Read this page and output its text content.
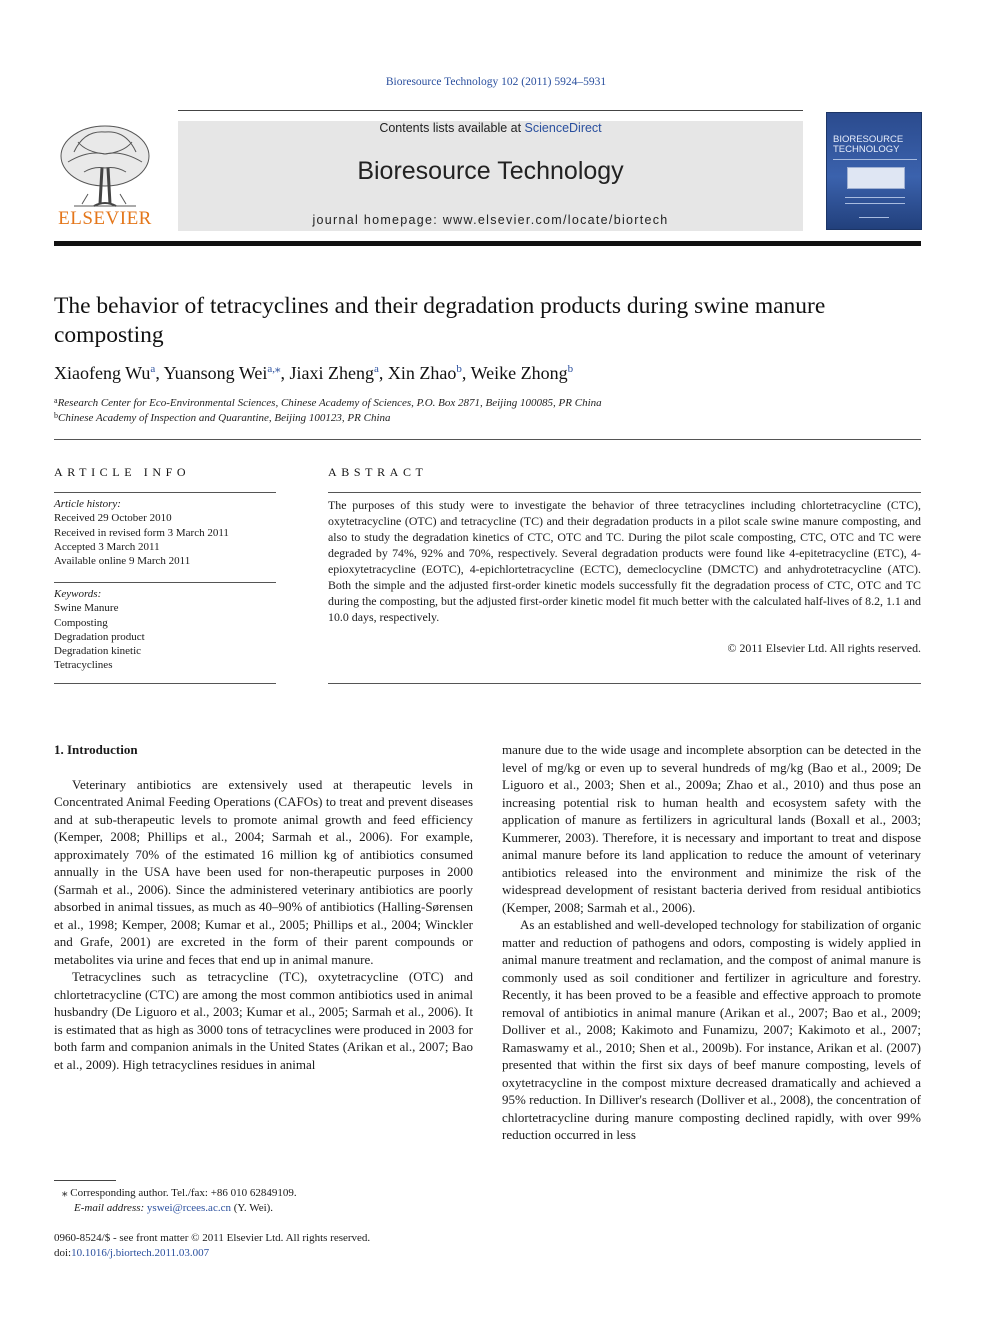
Bioresource Technology 102 (2011) 5924–5931
ELSEVIER
Contents lists available at ScienceDirect
Bioresource Technology
journal homepage: www.elsevier.com/locate/biortech
BIORESOURCE TECHNOLOGY
The behavior of tetracyclines and their degradation products during swine manure composting
Xiaofeng Wu$^a$, Yuansong Wei$^{a,⁎}$, Jiaxi Zheng$^a$, Xin Zhao$^b$, Weike Zhong$^b$
$^a$Research Center for Eco-Environmental Sciences, Chinese Academy of Sciences, P.O. Box 2871, Beijing 100085, PR China
$^b$Chinese Academy of Inspection and Quarantine, Beijing 100123, PR China
ARTICLE INFO	ABSTRACT
Article history:
Received 29 October 2010
Received in revised form 3 March 2011
Accepted 3 March 2011
Available online 9 March 2011
Keywords:
Swine Manure
Composting
Degradation product
Degradation kinetic
Tetracyclines
The purposes of this study were to investigate the behavior of three tetracyclines including chlortetracycline (CTC), oxytetracycline (OTC) and tetracycline (TC) and their degradation products in a pilot scale swine manure composting, and also to study the degradation kinetics of CTC, OTC and TC. During the pilot scale composting, CTC, OTC and TC were degraded by 74%, 92% and 70%, respectively. Several degradation products were found like 4-epitetracycline (ETC), 4-epioxytetracycline (EOTC), 4-epichlortetracycline (ECTC), demeclocycline (DMCTC) and anhydrotetracycline (ATC). Both the simple and the adjusted first-order kinetic models successfully fit the degradation process of CTC, OTC and TC during the composting, but the adjusted first-order kinetic model fit much better with the calculated half-lives of 8.2, 1.1 and 10.0 days, respectively.
© 2011 Elsevier Ltd. All rights reserved.
1. Introduction

Veterinary antibiotics are extensively used at therapeutic levels in Concentrated Animal Feeding Operations (CAFOs) to treat and prevent diseases and at sub-therapeutic levels to promote animal growth and feed efficiency (Kemper, 2008; Phillips et al., 2004; Sarmah et al., 2006). For example, approximately 70% of the estimated 16 million kg of antibiotics consumed annually in the USA have been used for non-therapeutic purposes in 2000 (Sarmah et al., 2006). Since the administered veterinary antibiotics are poorly absorbed in animal tissues, as much as 40–90% of antibiotics (Halling-Sørensen et al., 1998; Kemper, 2008; Kumar et al., 2005; Phillips et al., 2004; Winckler and Grafe, 2001) are excreted in the form of their parent compounds or metabolites via urine and feces that end up in animal manure.

Tetracyclines such as tetracycline (TC), oxytetracycline (OTC) and chlortetracycline (CTC) are among the most common antibiotics used in animal husbandry (De Liguoro et al., 2003; Kumar et al., 2005; Sarmah et al., 2006). It is estimated that as high as 3000 tons of tetracyclines were produced in 2003 for both farm and companion animals in the United States (Arikan et al., 2007; Bao et al., 2009). High tetracyclines residues in animal

manure due to the wide usage and incomplete absorption can be detected in the level of mg/kg or even up to several hundreds of mg/kg (Bao et al., 2009; De Liguoro et al., 2003; Shen et al., 2009a; Zhao et al., 2010) and thus pose an increasing potential risk to human health and ecosystem safety with the application of manure as fertilizers in agricultural lands (Boxall et al., 2003; Kummerer, 2003). Therefore, it is necessary and important to treat and dispose animal manure before its land application to reduce the amount of veterinary antibiotics released into the environment and minimize the risk of the widespread development of resistant bacteria derived from residual antibiotics (Kemper, 2008; Sarmah et al., 2006).

As an established and well-developed technology for stabilization of organic matter and reduction of pathogens and odors, composting is widely applied in animal manure treatment and reclamation, and the compost of animal manure is commonly used as soil conditioner and fertilizer in agriculture and forestry. Recently, it has been proved to be a feasible and effective approach to promote removal of antibiotics in animal manure (Arikan et al., 2007; Bao et al., 2009; Dolliver et al., 2008; Kakimoto and Funamizu, 2007; Kakimoto et al., 2007; Ramaswamy et al., 2010; Shen et al., 2009b). For instance, Arikan et al. (2007) presented that within the first six days of beef manure composting, levels of oxytetracycline in the compost mixture decreased dramatically and achieved a 95% reduction. In Dilliver's research (Dolliver et al., 2008), the concentration of chlortetracycline during manure composting declined rapidly, with over 99% reduction occurred in less

⁎ Corresponding author. Tel./fax: +86 010 62849109.
E-mail address: yswei@rcees.ac.cn (Y. Wei).
0960-8524/$ - see front matter © 2011 Elsevier Ltd. All rights reserved.
doi:10.1016/j.biortech.2011.03.007
